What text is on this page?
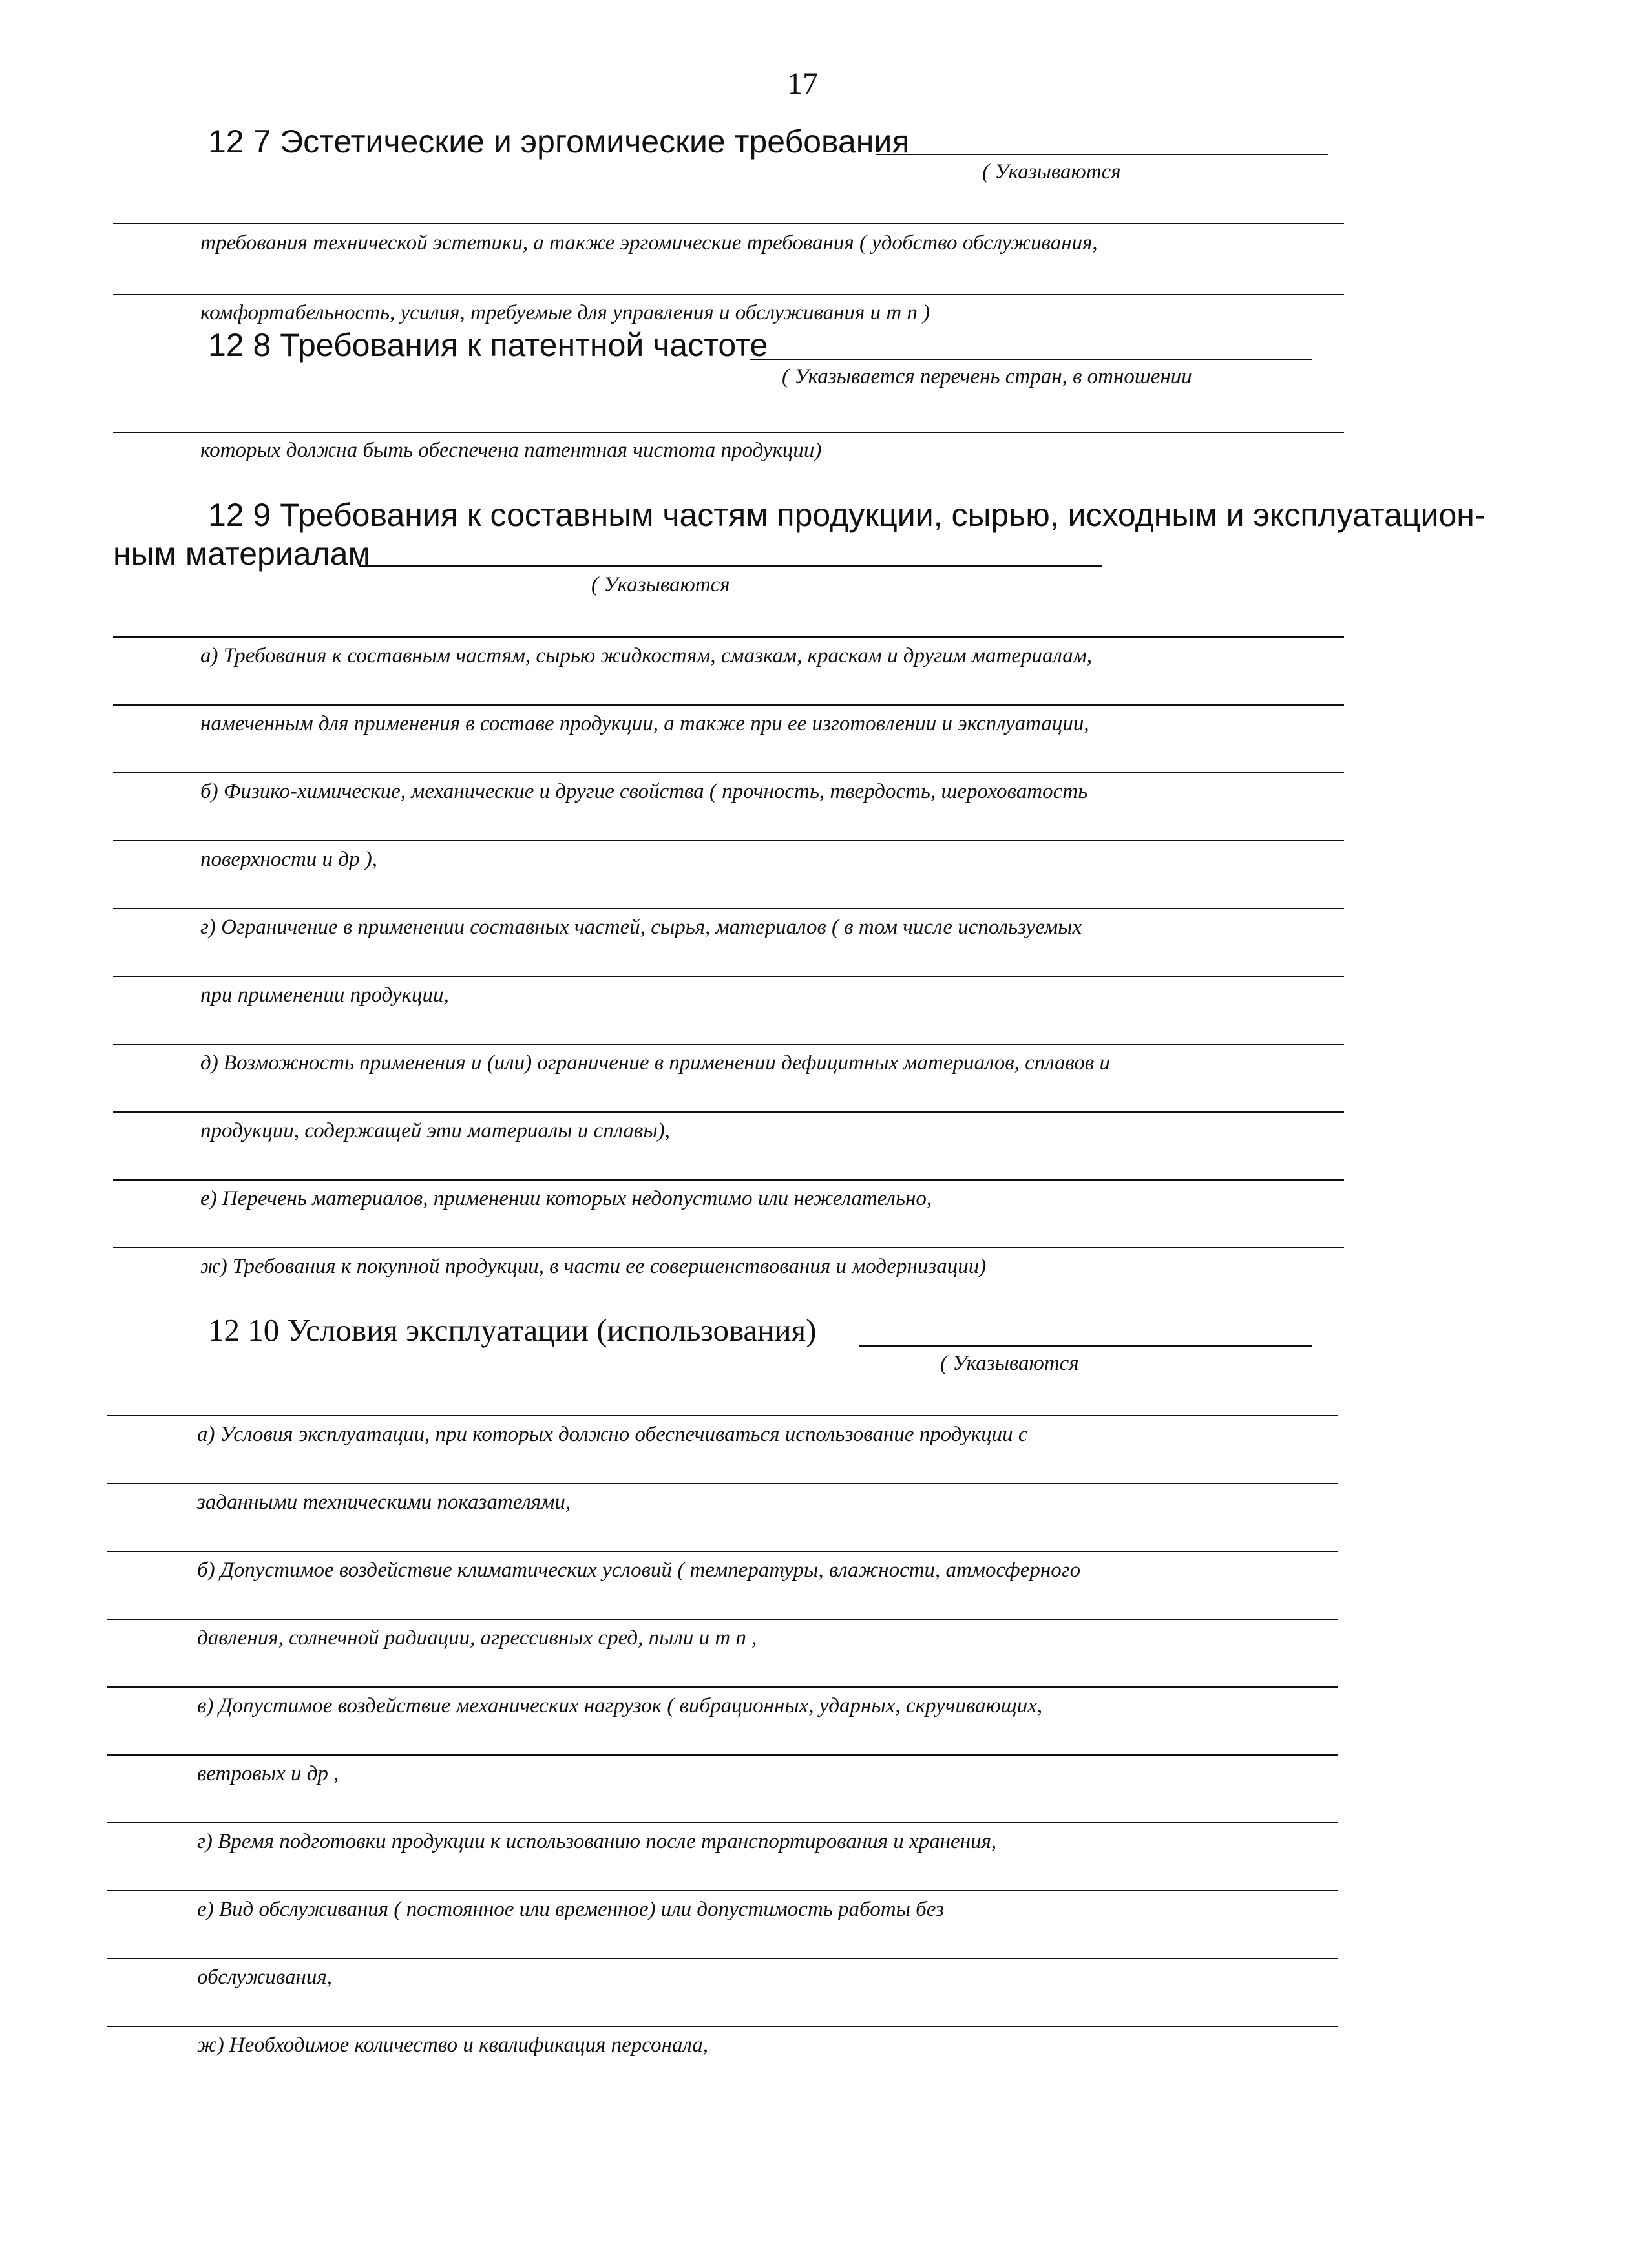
17
12 7 Эстетические и эргомические требования
( Указываются
требования технической эстетики, а также эргомические требования ( удобство обслуживания,
комфортабельность, усилия, требуемые для управления и обслуживания и т п )
12 8 Требования к патентной частоте
( Указывается перечень стран, в отношении
которых должна быть обеспечена патентная чистота продукции)
12 9 Требования к составным частям продукции, сырью, исходным и эксплуатацион-
ным материалам
( Указываются
а) Требования к составным частям, сырью жидкостям, смазкам, краскам и другим материалам,
намеченным для применения в составе продукции, а также при ее изготовлении и эксплуатации,
б) Физико-химические, механические и другие свойства ( прочность, твердость, шероховатость
поверхности и др ),
г) Ограничение в применении составных частей, сырья, материалов ( в том числе используемых
при применении продукции,
д) Возможность применения и (или) ограничение в применении дефицитных материалов, сплавов и
продукции, содержащей эти материалы и сплавы),
е) Перечень материалов, применении которых недопустимо или нежелательно,
ж) Требования к покупной продукции, в части ее совершенствования и модернизации)
12 10 Условия эксплуатации (использования)
( Указываются
а) Условия эксплуатации, при которых должно обеспечиваться использование продукции с
заданными техническими показателями,
б) Допустимое воздействие климатических условий ( температуры, влажности, атмосферного
давления, солнечной радиации, агрессивных сред, пыли и т п ,
в) Допустимое воздействие механических нагрузок ( вибрационных, ударных, скручивающих,
ветровых и др ,
г) Время подготовки продукции к использованию после транспортирования и хранения,
е) Вид обслуживания ( постоянное или временное) или допустимость работы без
обслуживания,
ж) Необходимое количество и квалификация персонала,
